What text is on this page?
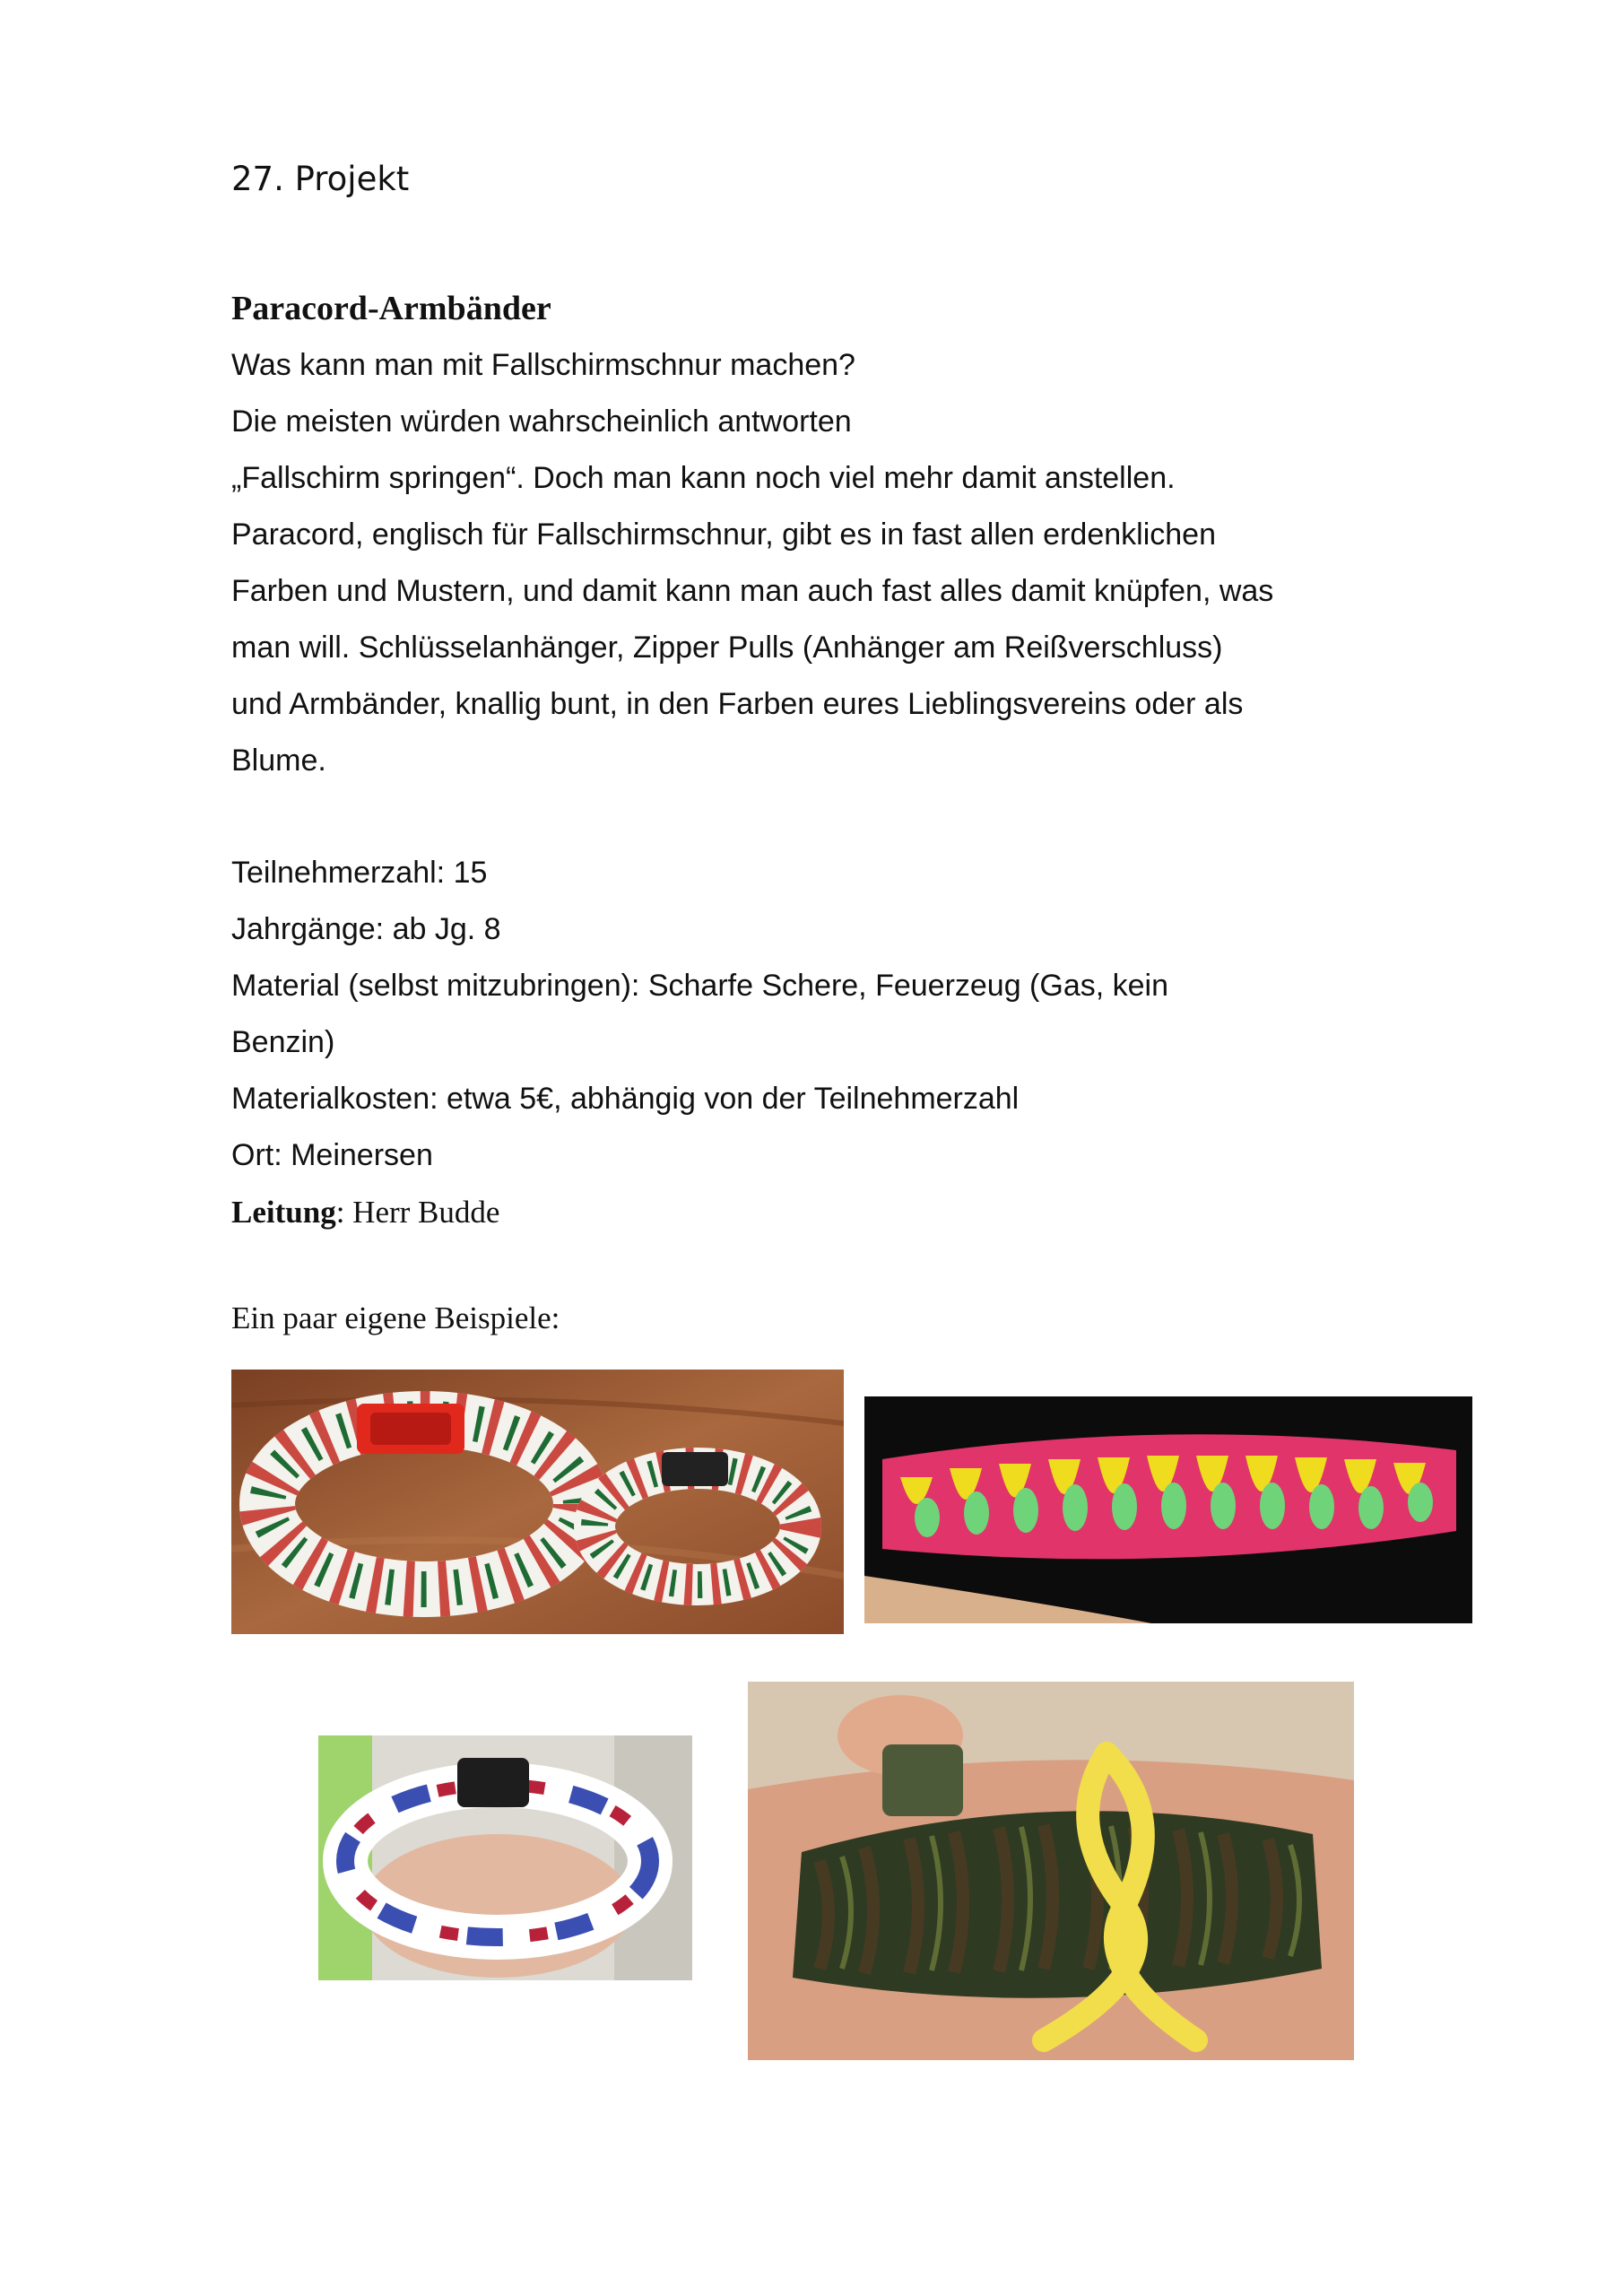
27. Projekt
Paracord-Armbänder
Was kann man mit Fallschirmschnur machen?
Die meisten würden wahrscheinlich antworten
„Fallschirm springen“. Doch man kann noch viel mehr damit anstellen.
Paracord, englisch für Fallschirmschnur, gibt es in fast allen erdenklichen
Farben und Mustern, und damit kann man auch fast alles damit knüpfen, was
man will. Schlüsselanhänger, Zipper Pulls (Anhänger am Reißverschluss)
und Armbänder, knallig bunt, in den Farben eures Lieblingsvereins oder als
Blume.
Teilnehmerzahl: 15
Jahrgänge: ab Jg. 8
Material (selbst mitzubringen): Scharfe Schere, Feuerzeug (Gas, kein
Benzin)
Materialkosten: etwa 5€, abhängig von der Teilnehmerzahl
Ort: Meinersen
Leitung: Herr Budde
Ein paar eigene Beispiele:
